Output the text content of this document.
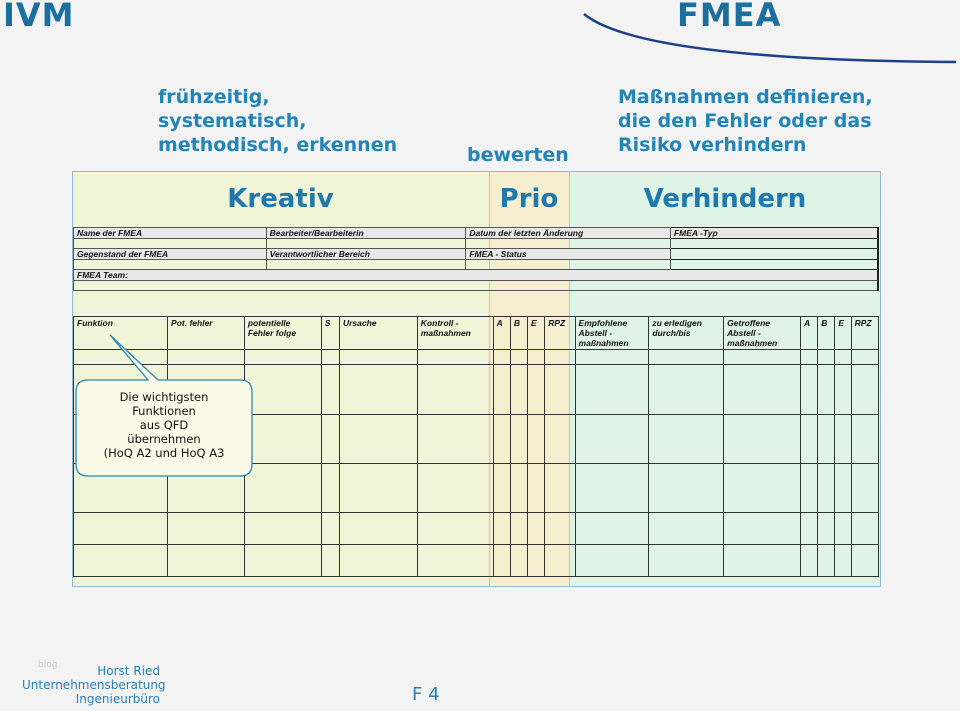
IVM	FMEA
frühzeitig,
systematisch,
methodisch, erkennen	bewerten
Maßnahmen definieren,
die den Fehler oder das
Risiko verhindern
Kreativ	Prio	Verhindern
Name der FMEA	Bearbeiter/Bearbeiterin	Datum der letzten Änderung	FMEA -Typ

Gegenstand der FMEA	Verantwortlicher Bereich	FMEA - Status	

FMEA Team:			

Funktion	Pot. fehler	potentielle Fehler folge	S	Ursache	Kontroll - maßnahmen	A	B	E	RPZ	Empfohlene Abstell - maßnahmen	zu erledigen durch/bis	Getroffene Abstell - maßnahmen	A	B	E	RPZ

Die wichtigsten
Funktionen
aus QFD
übernehmen
(HoQ A2 und HoQ A3
blog	Horst Ried
Unternehmensberatung
Ingenieurbüro	F 4
